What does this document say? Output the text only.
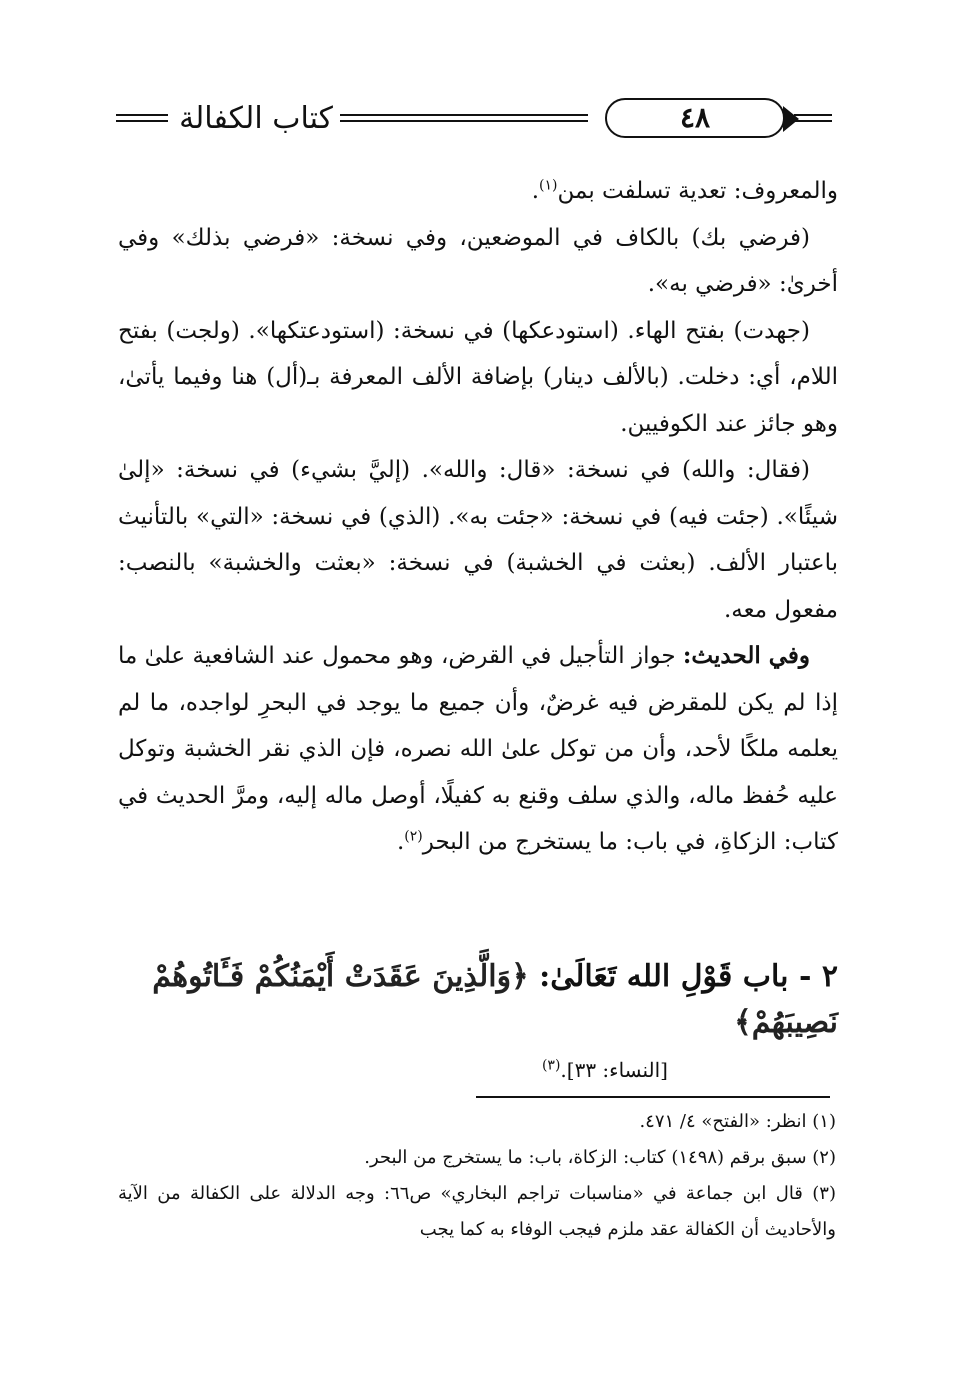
كتاب الكفالة	٤٨

والمعروف: تعدية تسلفت بمن$^{(١)}$.

(فرضي بك) بالكاف في الموضعين، وفي نسخة: «فرضي بذلك» وفي أخرىٰ: «فرضي به».

(جهدت) بفتح الهاء. (استودعكها) في نسخة: (استودعتكها». (ولجت) بفتح اللام، أي: دخلت. (بالألف دينار) بإضافة الألف المعرفة بـ(أل) هنا وفيما يأتىٰ، وهو جائز عند الكوفيين.

(فقال: والله) في نسخة: «قال: والله». (إليَّ بشيء) في نسخة: «إلىٰ شيئًا». (جئت فيه) في نسخة: «جئت به». (الذي) في نسخة: «التي» بالتأنيث باعتبار الألف. (بعثت في الخشبة) في نسخة: «بعثت والخشبة» بالنصب: مفعول معه.

وفي الحديث: جواز التأجيل في القرض، وهو محمول عند الشافعية علىٰ ما إذا لم يكن للمقرض فيه غرضٌ، وأن جميع ما يوجد في البحرِ لواجده، ما لم يعلمه ملكًا لأحد، وأن من توكل علىٰ الله نصره، فإن الذي نقر الخشبة وتوكل عليه حُفظ ماله، والذي سلف وقنع به كفيلًا، أوصل ماله إليه، ومرَّ الحديث في كتاب: الزكاةِ، في باب: ما يستخرج من البحر$^{(٢)}$.

٢ - باب قَوْلِ الله تَعَالَىٰ: ﴿وَالَّذِينَ عَقَدَتْ أَيْمَنُكُمْ فَـَٔاتُوهُمْ نَصِيبَهُمْ﴾

[النساء: ٣٣].$^{(٣)}$

(١) انظر: «الفتح» ٤/ ٤٧١.

(٢) سبق برقم (١٤٩٨) كتاب: الزكاة، باب: ما يستخرج من البحر.

(٣) قال ابن جماعة في «مناسبات تراجم البخاري» ص٦٦: وجه الدلالة على الكفالة من الآية والأحاديث أن الكفالة عقد ملزم فيجب الوفاء به كما يجب
